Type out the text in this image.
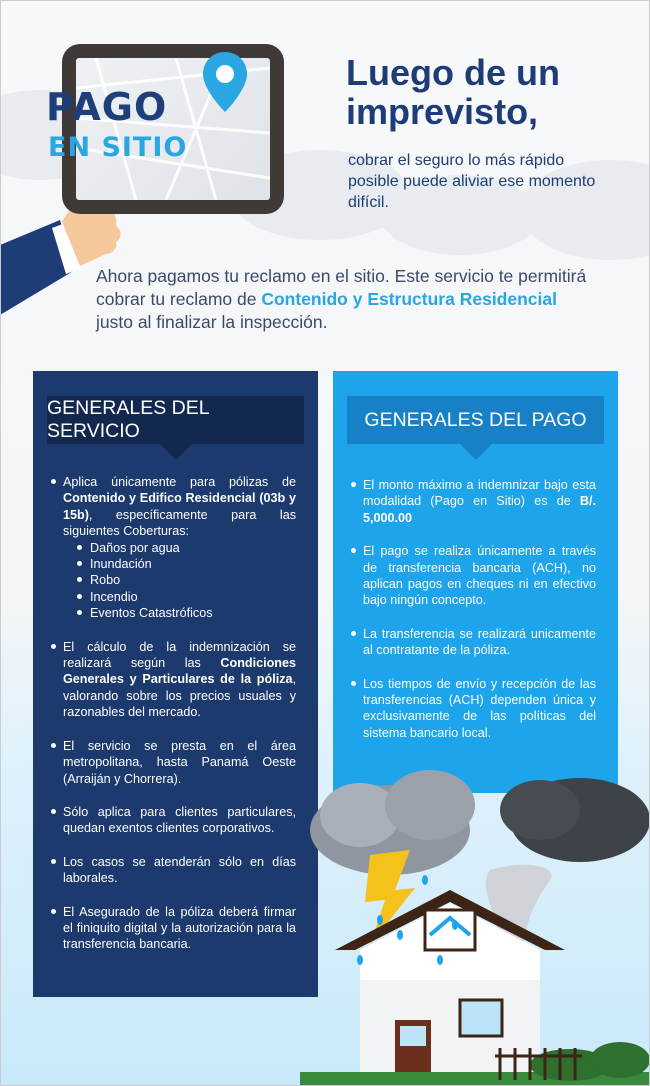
PAGO
EN SITIO
Luego de un imprevisto,
cobrar el seguro lo más rápido posible puede aliviar ese momento difícil.

Ahora pagamos tu reclamo en el sitio. Este servicio te permitirá cobrar tu reclamo de Contenido y Estructura Residencial justo al finalizar la inspección.

GENERALES DEL SERVICIO
Aplica únicamente para pólizas de Contenido y Edifico Residencial (03b y 15b), específicamente para las siguientes Coberturas:
Daños por agua
Inundación
Robo
Incendio
Eventos Catastróficos
El cálculo de la indemnización se realizará según las Condiciones Generales y Particulares de la póliza, valorando sobre los precios usuales y razonables del mercado.
El servicio se presta en el área metropolitana, hasta Panamá Oeste (Arraiján y Chorrera).
Sólo aplica para clientes particulares, quedan exentos clientes corporativos.
Los casos se atenderán sólo en días laborales.
El Asegurado de la póliza deberá firmar el finiquito digital y la autorización para la transferencia bancaria.
GENERALES DEL PAGO
El monto máximo a indemnizar bajo esta modalidad (Pago en Sitio) es de B/. 5,000.00
El pago se realiza únicamente a través de transferencia bancaria (ACH), no aplican pagos en cheques ni en efectivo bajo ningún concepto.
La transferencia se realizará unicamente al contratante de la póliza.
Los tiempos de envío y recepción de las transferencias (ACH) dependen única y exclusivamente de las políticas del sistema bancario local.
